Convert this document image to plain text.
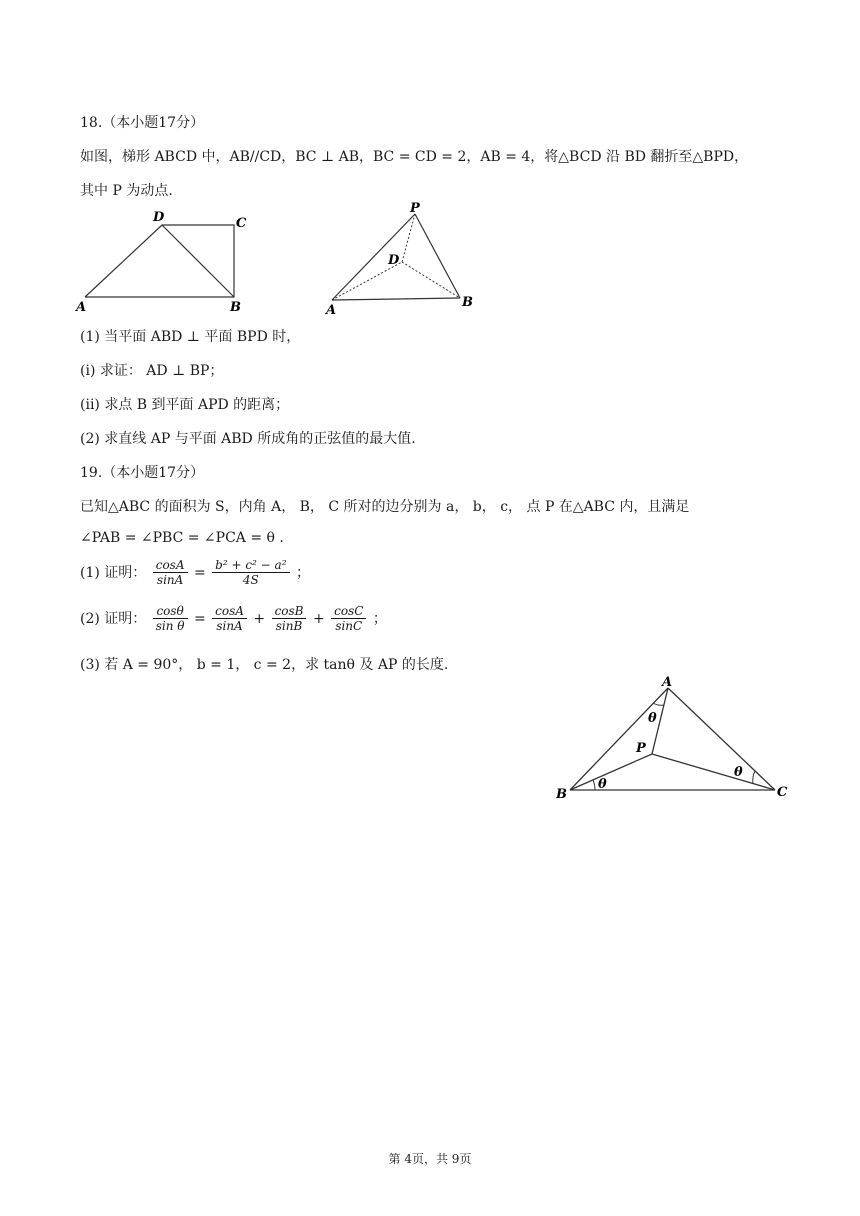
18.（本小题17分）
如图，梯形 ABCD 中，AB//CD，BC ⊥ AB，BC = CD = 2，AB = 4，将△BCD 沿 BD 翻折至△BPD，
其中 P 为动点.
A
D	C
B
P
D
A
B
(1) 当平面 ABD ⊥ 平面 BPD 时，
(i) 求证： AD ⊥ BP；
(ii) 求点 B 到平面 APD 的距离；
(2) 求直线 AP 与平面 ABD 所成角的正弦值的最大值.
19.（本小题17分）
已知△ABC 的面积为 S，内角 A， B， C 所对的边分别为 a， b， c， 点 P 在△ABC 内，且满足
∠PAB = ∠PBC = ∠PCA = θ .
(1) 证明： $\frac{\cos A}{\sin A} = \frac{\text{b² + c² − a²}}{4S}$ ；
(2) 证明： $\frac{\cos\theta}{\text{sin θ}} = \frac{\cos A}{\sin A} + \frac{\cos B}{\sin B} + \frac{\cos C}{\sin C}$ ；
(3) 若 A = 90°， b = 1， c = 2，求 tanθ 及 AP 的长度.
A
B	C
P
θ
θ
θ
第 4页，共 9页
